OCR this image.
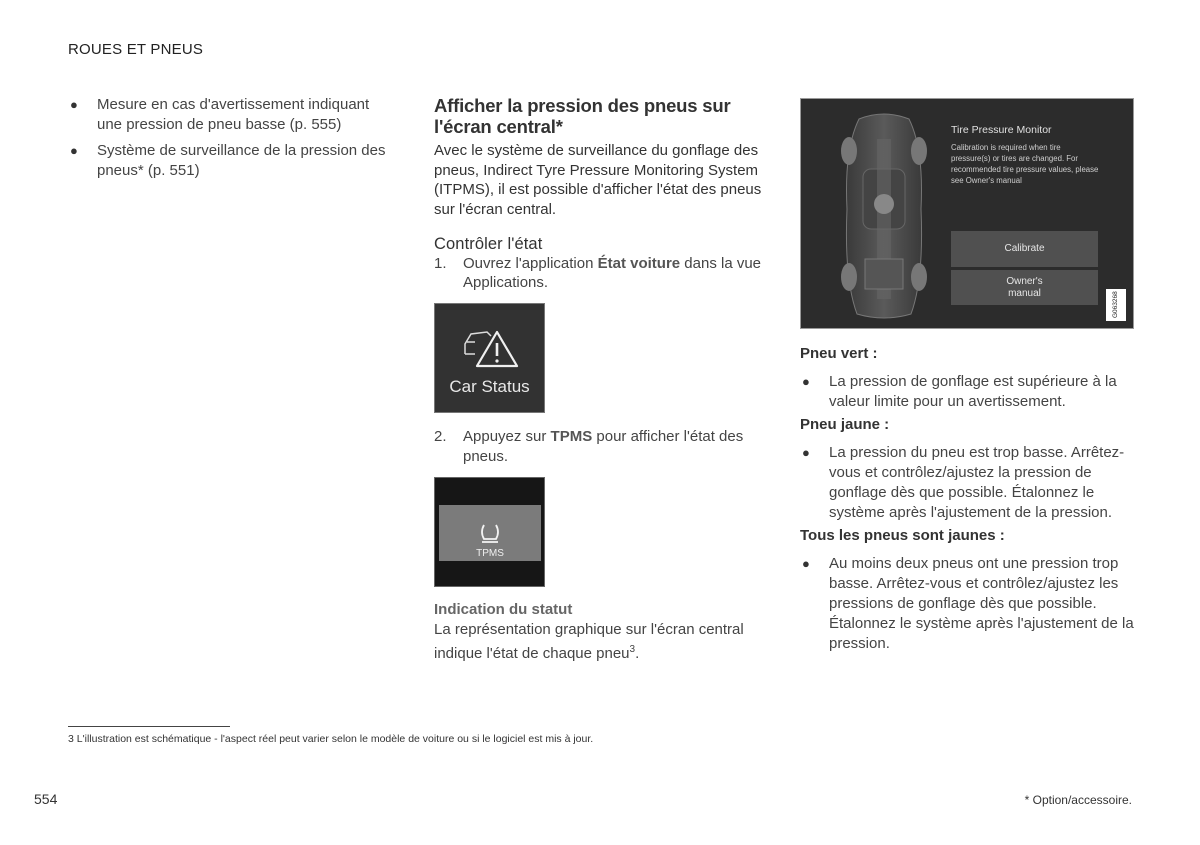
ROUES ET PNEUS
● Mesure en cas d'avertissement indiquant une pression de pneu basse (p. 555)
● Système de surveillance de la pression des pneus* (p. 551)
Afficher la pression des pneus sur l'écran central*
Avec le système de surveillance du gonflage des pneus, Indirect Tyre Pressure Monitoring System (ITPMS), il est possible d'afficher l'état des pneus sur l'écran central.
Contrôler l'état
1. Ouvrez l'application État voiture dans la vue Applications.
Car Status
2. Appuyez sur TPMS pour afficher l'état des pneus.
TPMS
Indication du statut
La représentation graphique sur l'écran central indique l'état de chaque pneu$^3$.
Tire Pressure Monitor
Calibration is required when tire pressure(s) or tires are changed. For recommended tire pressure values, please see Owner's manual
Calibrate
Owner's manual	G063268
Pneu vert :
● La pression de gonflage est supérieure à la valeur limite pour un avertissement.
Pneu jaune :
● La pression du pneu est trop basse. Arrêtez-vous et contrôlez/ajustez la pression de gonflage dès que possible. Étalonnez le système après l'ajustement de la pression.
Tous les pneus sont jaunes :
● Au moins deux pneus ont une pression trop basse. Arrêtez-vous et contrôlez/ajustez les pressions de gonflage dès que possible. Étalonnez le système après l'ajustement de la pression.
3 L'illustration est schématique - l'aspect réel peut varier selon le modèle de voiture ou si le logiciel est mis à jour.
554	* Option/accessoire.
